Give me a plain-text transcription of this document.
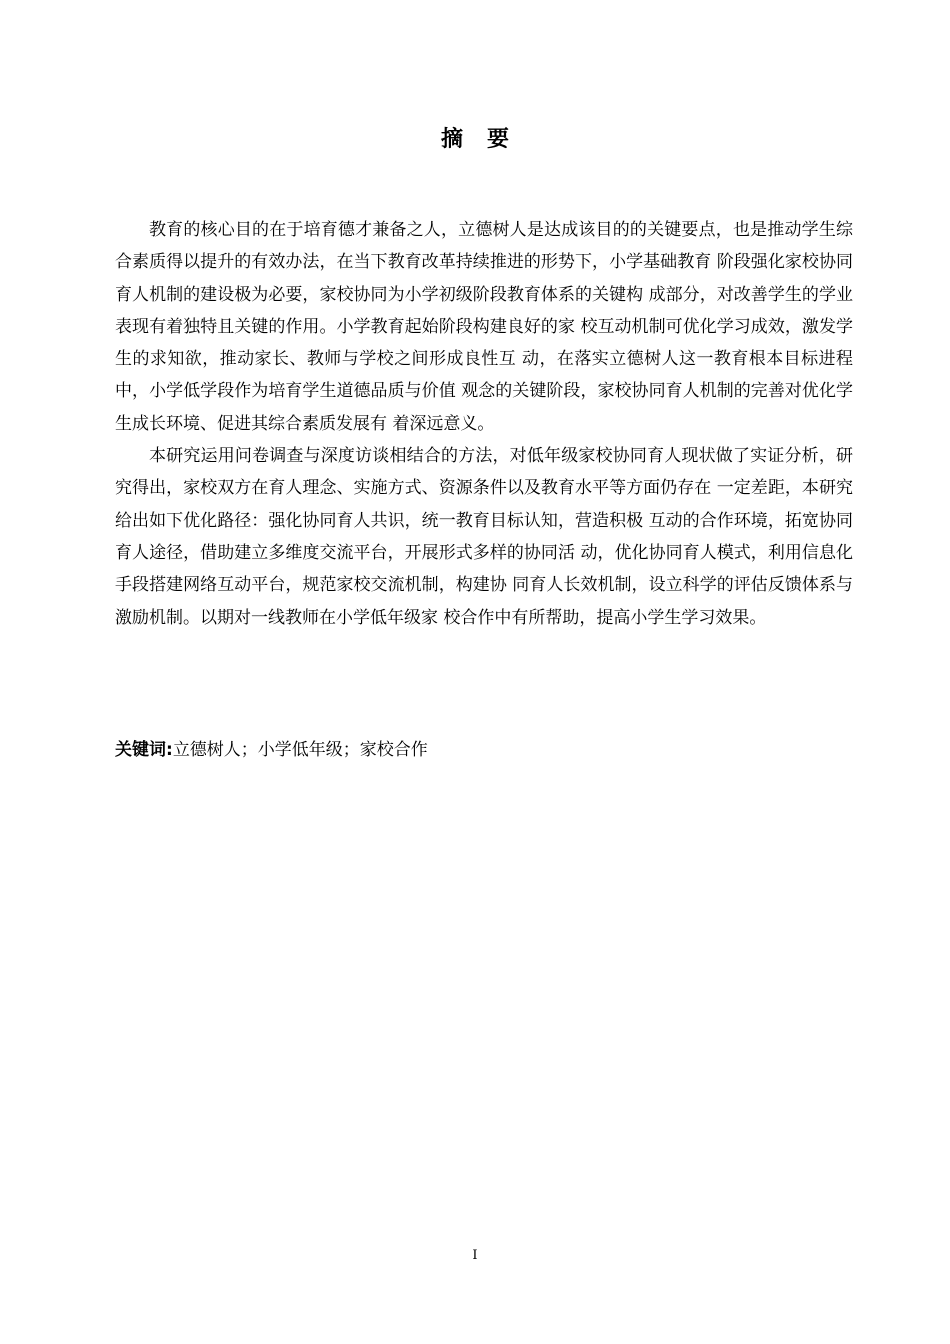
摘 要

教育的核心目的在于培育德才兼备之人，立德树人是达成该目的的关键要点，也是推动学生综合素质得以提升的有效办法，在当下教育改革持续推进的形势下，小学基础教育 阶段强化家校协同育人机制的建设极为必要，家校协同为小学初级阶段教育体系的关键构 成部分，对改善学生的学业表现有着独特且关键的作用。小学教育起始阶段构建良好的家 校互动机制可优化学习成效，激发学生的求知欲，推动家长、教师与学校之间形成良性互 动，在落实立德树人这一教育根本目标进程中，小学低学段作为培育学生道德品质与价值 观念的关键阶段，家校协同育人机制的完善对优化学生成长环境、促进其综合素质发展有 着深远意义。

本研究运用问卷调查与深度访谈相结合的方法，对低年级家校协同育人现状做了实证分析，研究得出，家校双方在育人理念、实施方式、资源条件以及教育水平等方面仍存在 一定差距，本研究给出如下优化路径：强化协同育人共识，统一教育目标认知，营造积极 互动的合作环境，拓宽协同育人途径，借助建立多维度交流平台，开展形式多样的协同活 动，优化协同育人模式，利用信息化手段搭建网络互动平台，规范家校交流机制，构建协 同育人长效机制，设立科学的评估反馈体系与激励机制。以期对一线教师在小学低年级家 校合作中有所帮助，提高小学生学习效果。

关键词:立德树人；小学低年级；家校合作

I
